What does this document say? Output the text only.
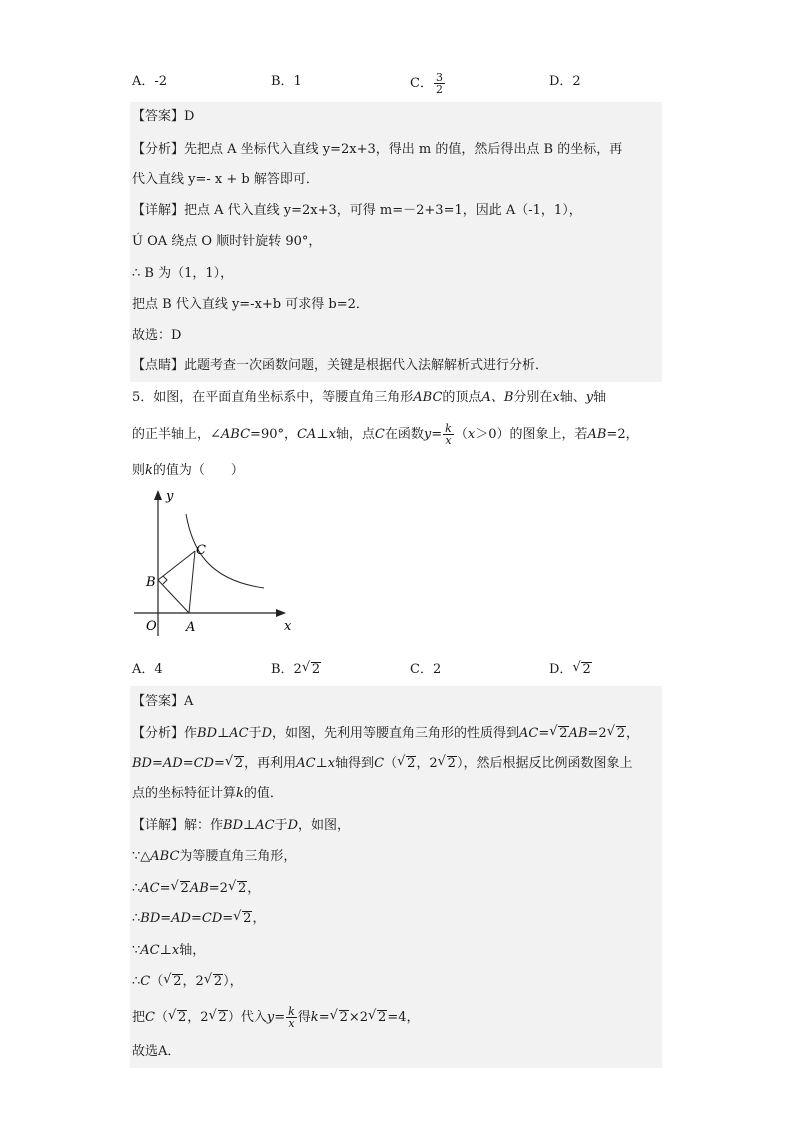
A．-2	B．1	C． $\frac{3}{2}$	D．2
【答案】D
【分析】先把点 A 坐标代入直线 y=2x+3，得出 m 的值，然后得出点 B 的坐标，再
代入直线 y=- x + b 解答即可．
【详解】把点 A 代入直线 y=2x+3，可得 m=－2+3=1，因此 A（-1，1），
Ú OA 绕点 O 顺时针旋转 90°，
∴ B 为（1，1），
把点 B 代入直线 y=-x+b 可求得 b=2．
故选：D
【点睛】此题考查一次函数问题，关键是根据代入法解解析式进行分析．
5．如图，在平面直角坐标系中，等腰直角三角形ABC的顶点A、B分别在x轴、y轴
的正半轴上，∠ABC=90°，CA⊥x轴，点C在函数$y= \frac{k}{x} (x>0)$的图象上，若AB=2，
则k的值为（　　）
y
x
O A
B
C
A．4	B．2 √ 2	C．2	D． √ 2
【答案】A
【分析】作BD⊥AC于D，如图，先利用等腰直角三角形的性质得到AC= √ 2AB=2 √ 2，
BD=AD=CD= √ 2，再利用AC⊥x轴得到C（ √ 2，2 √ 2），然后根据反比例函数图象上
点的坐标特征计算k的值．
【详解】解：作BD⊥AC于D，如图，
∵△ABC为等腰直角三角形，
∴AC= √ 2AB=2 √ 2，
∴BD=AD=CD= √ 2，
∵AC⊥x轴，
∴C（ √ 2，2 √ 2），
把C（ √ 2，2 √ 2）代入$y= \frac{k}{x}$ 得k= √ 2×2 √ 2=4，
故选A．
